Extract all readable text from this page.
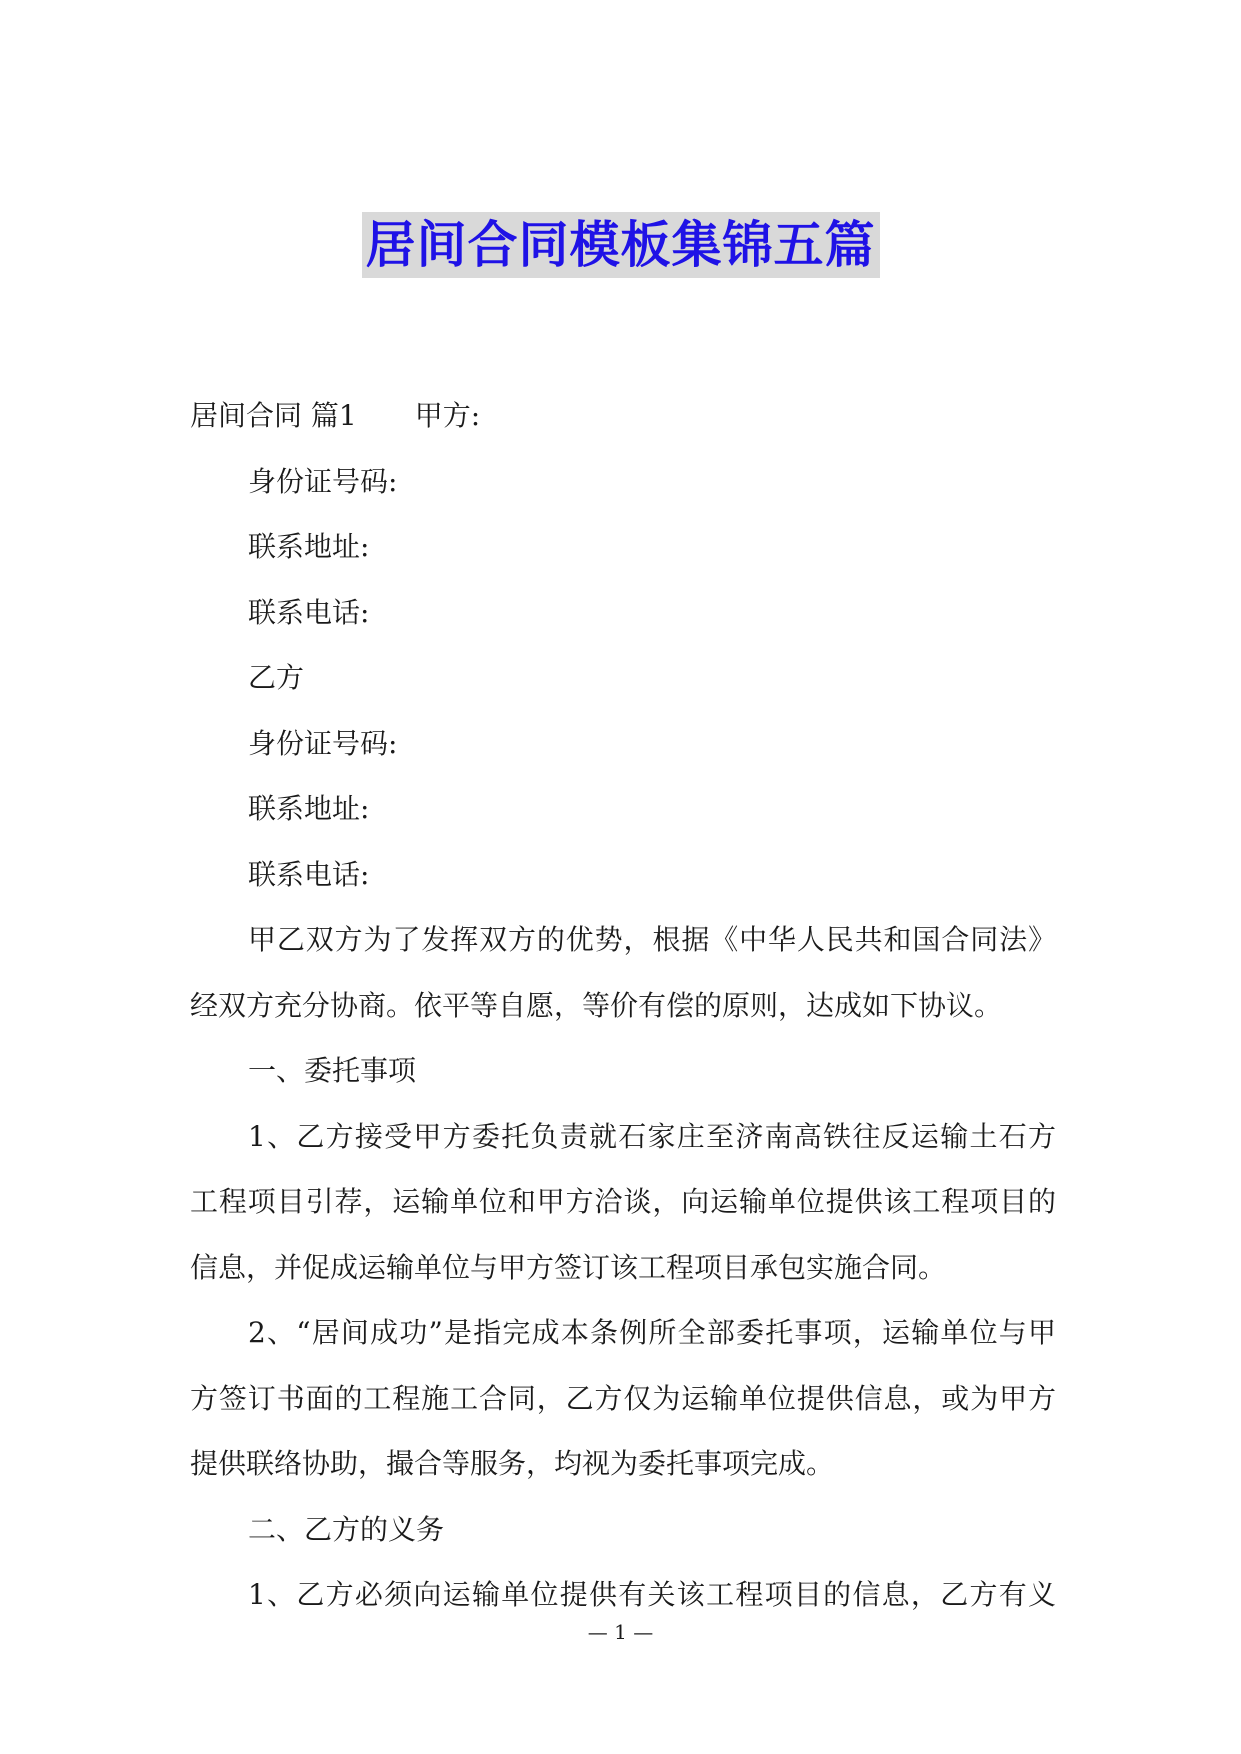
居间合同模板集锦五篇
居间合同 篇1 甲方:
身份证号码:
联系地址:
联系电话:
乙方
身份证号码:
联系地址:
联系电话:
甲乙双方为了发挥双方的优势，根据《中华人民共和国合同法》
经双方充分协商。依平等自愿，等价有偿的原则，达成如下协议。
一、委托事项
1、乙方接受甲方委托负责就石家庄至济南高铁往反运输土石方
工程项目引荐，运输单位和甲方洽谈，向运输单位提供该工程项目的
信息，并促成运输单位与甲方签订该工程项目承包实施合同。
2、“居间成功”是指完成本条例所全部委托事项，运输单位与甲
方签订书面的工程施工合同，乙方仅为运输单位提供信息，或为甲方
提供联络协助，撮合等服务，均视为委托事项完成。
二、乙方的义务
1、乙方必须向运输单位提供有关该工程项目的信息，乙方有义
— 1 —
